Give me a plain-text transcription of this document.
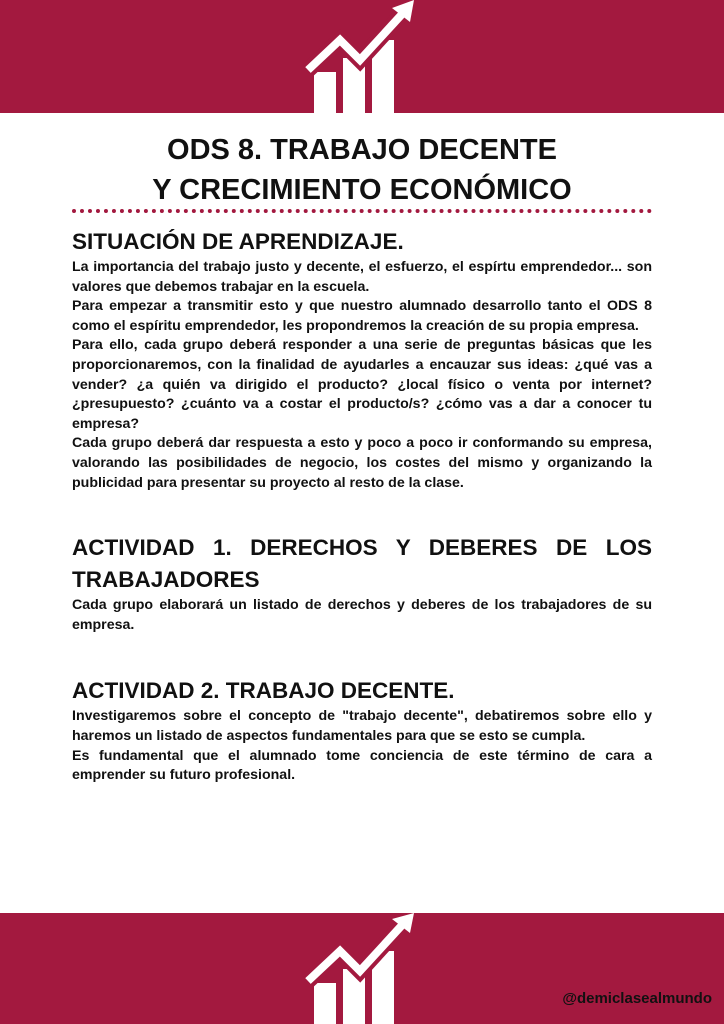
ODS 8. TRABAJO DECENTE
Y CRECIMIENTO ECONÓMICO
SITUACIÓN DE APRENDIZAJE.

La importancia del trabajo justo y decente, el esfuerzo, el espírtu emprendedor... son valores que debemos trabajar en la escuela.

Para empezar a transmitir esto y que nuestro alumnado desarrollo tanto el ODS 8 como el espíritu emprendedor, les propondremos la creación de su propia empresa.

Para ello, cada grupo deberá responder a una serie de preguntas básicas que les proporcionaremos, con la finalidad de ayudarles a encauzar sus ideas: ¿qué vas a vender? ¿a quién va dirigido el producto? ¿local físico o venta por internet? ¿presupuesto? ¿cuánto va a costar el producto/s? ¿cómo vas a dar a conocer tu empresa?

Cada grupo deberá dar respuesta a esto y poco a poco ir conformando su empresa, valorando las posibilidades de negocio, los costes del mismo y organizando la publicidad para presentar su proyecto al resto de la clase.

ACTIVIDAD 1. DERECHOS Y DEBERES DE LOS TRABAJADORES

Cada grupo elaborará un listado de derechos y deberes de los trabajadores de su empresa.

ACTIVIDAD 2. TRABAJO DECENTE.

Investigaremos sobre el concepto de "trabajo decente", debatiremos sobre ello y haremos un listado de aspectos fundamentales para que se esto se cumpla.

Es fundamental que el alumnado tome conciencia de este término de cara a emprender su futuro profesional.

@demiclasealmundo
